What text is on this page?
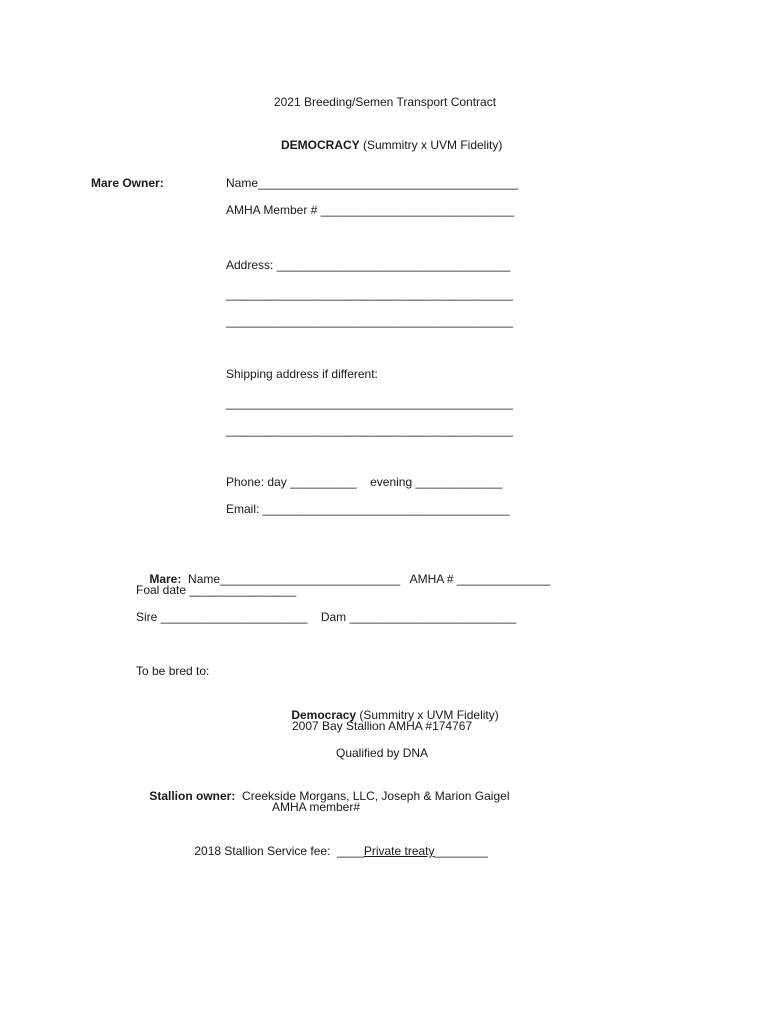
2021 Breeding/Semen Transport Contract

DEMOCRACY (Summitry x UVM Fidelity)

Mare Owner:	Name_______________________________________
AMHA Member # _____________________________
Address: ___________________________________
___________________________________________
___________________________________________
Shipping address if different:
___________________________________________
___________________________________________
Phone: day __________    evening _____________
Email: _____________________________________

Mare:  Name___________________________   AMHA # ______________

Foal date ________________
Sire ______________________    Dam _________________________
To be bred to:

Democracy (Summitry x UVM Fidelity)

2007 Bay Stallion AMHA #174767
Qualified by DNA

Stallion owner:  Creekside Morgans, LLC, Joseph & Marion Gaigel

AMHA member#

2018 Stallion Service fee:  ____Private treaty________
